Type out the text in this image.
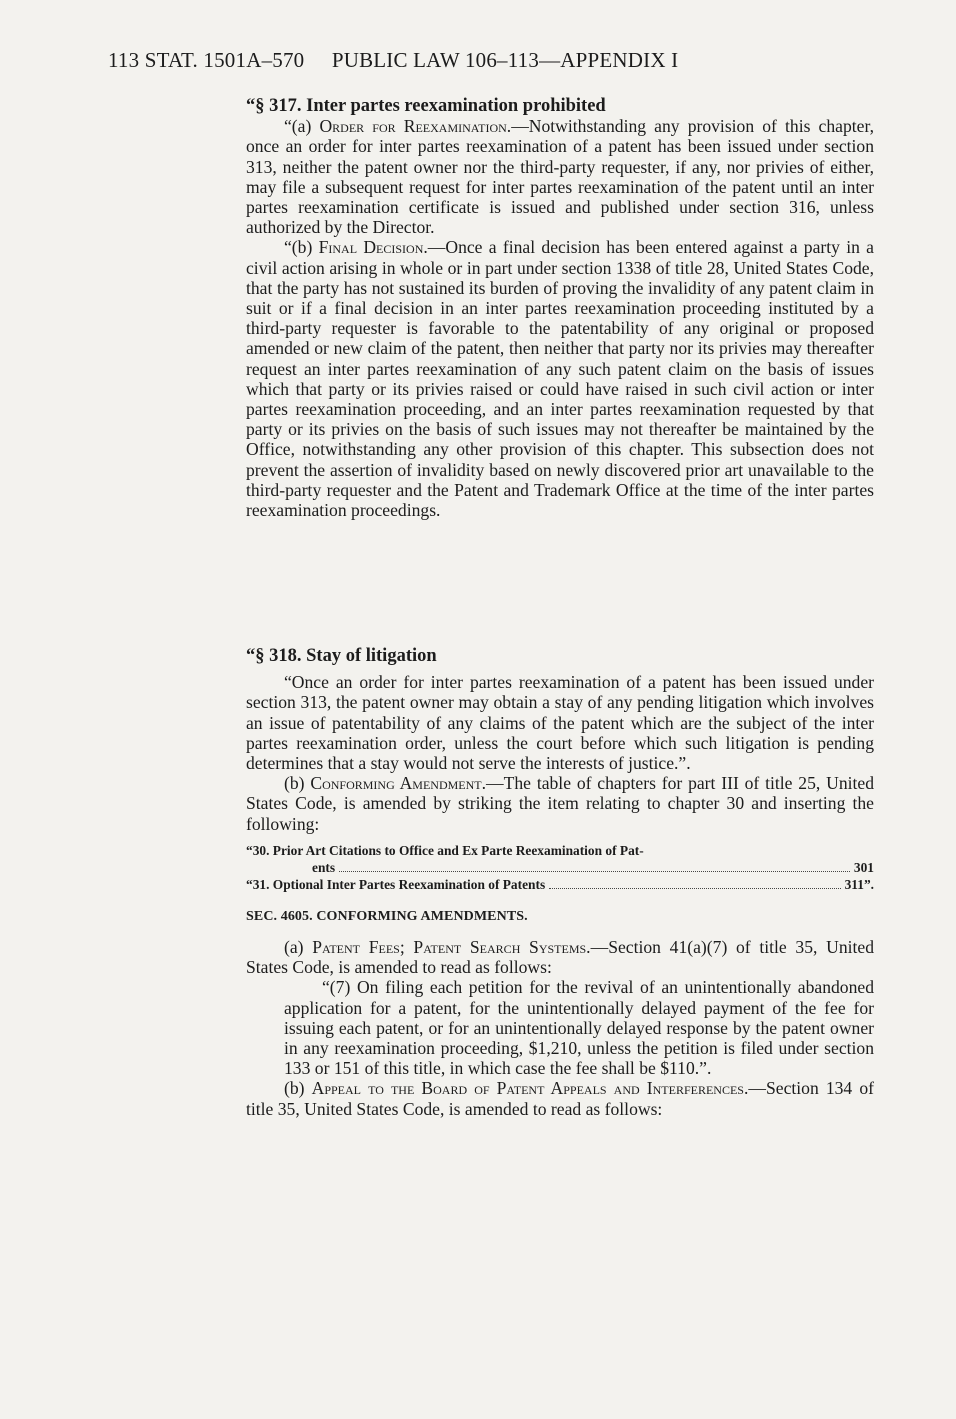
113 STAT. 1501A–570 PUBLIC LAW 106–113—APPENDIX I
“§ 317. Inter partes reexamination prohibited

“(a) Order for Reexamination.—Notwithstanding any provision of this chapter, once an order for inter partes reexamination of a patent has been issued under section 313, neither the patent owner nor the third-party requester, if any, nor privies of either, may file a subsequent request for inter partes reexamination of the patent until an inter partes reexamination certificate is issued and published under section 316, unless authorized by the Director.

“(b) Final Decision.—Once a final decision has been entered against a party in a civil action arising in whole or in part under section 1338 of title 28, United States Code, that the party has not sustained its burden of proving the invalidity of any patent claim in suit or if a final decision in an inter partes reexamination proceeding instituted by a third-party requester is favorable to the patentability of any original or proposed amended or new claim of the patent, then neither that party nor its privies may thereafter request an inter partes reexamination of any such patent claim on the basis of issues which that party or its privies raised or could have raised in such civil action or inter partes reexamination proceeding, and an inter partes reexamination requested by that party or its privies on the basis of such issues may not thereafter be maintained by the Office, notwithstanding any other provision of this chapter. This subsection does not prevent the assertion of invalidity based on newly discovered prior art unavailable to the third-party requester and the Patent and Trademark Office at the time of the inter partes reexamination proceedings.

“§ 318. Stay of litigation

“Once an order for inter partes reexamination of a patent has been issued under section 313, the patent owner may obtain a stay of any pending litigation which involves an issue of patentability of any claims of the patent which are the subject of the inter partes reexamination order, unless the court before which such litigation is pending determines that a stay would not serve the interests of justice.”.

(b) Conforming Amendment.—The table of chapters for part III of title 25, United States Code, is amended by striking the item relating to chapter 30 and inserting the following:

“30. Prior Art Citations to Office and Ex Parte Reexamination of Pat-
ents	301
“31. Optional Inter Partes Reexamination of Patents	311”.
SEC. 4605. CONFORMING AMENDMENTS.

(a) Patent Fees; Patent Search Systems.—Section 41(a)(7) of title 35, United States Code, is amended to read as follows:

“(7) On filing each petition for the revival of an unintentionally abandoned application for a patent, for the unintentionally delayed payment of the fee for issuing each patent, or for an unintentionally delayed response by the patent owner in any reexamination proceeding, $1,210, unless the petition is filed under section 133 or 151 of this title, in which case the fee shall be $110.”.

(b) Appeal to the Board of Patent Appeals and Interferences.—Section 134 of title 35, United States Code, is amended to read as follows:
